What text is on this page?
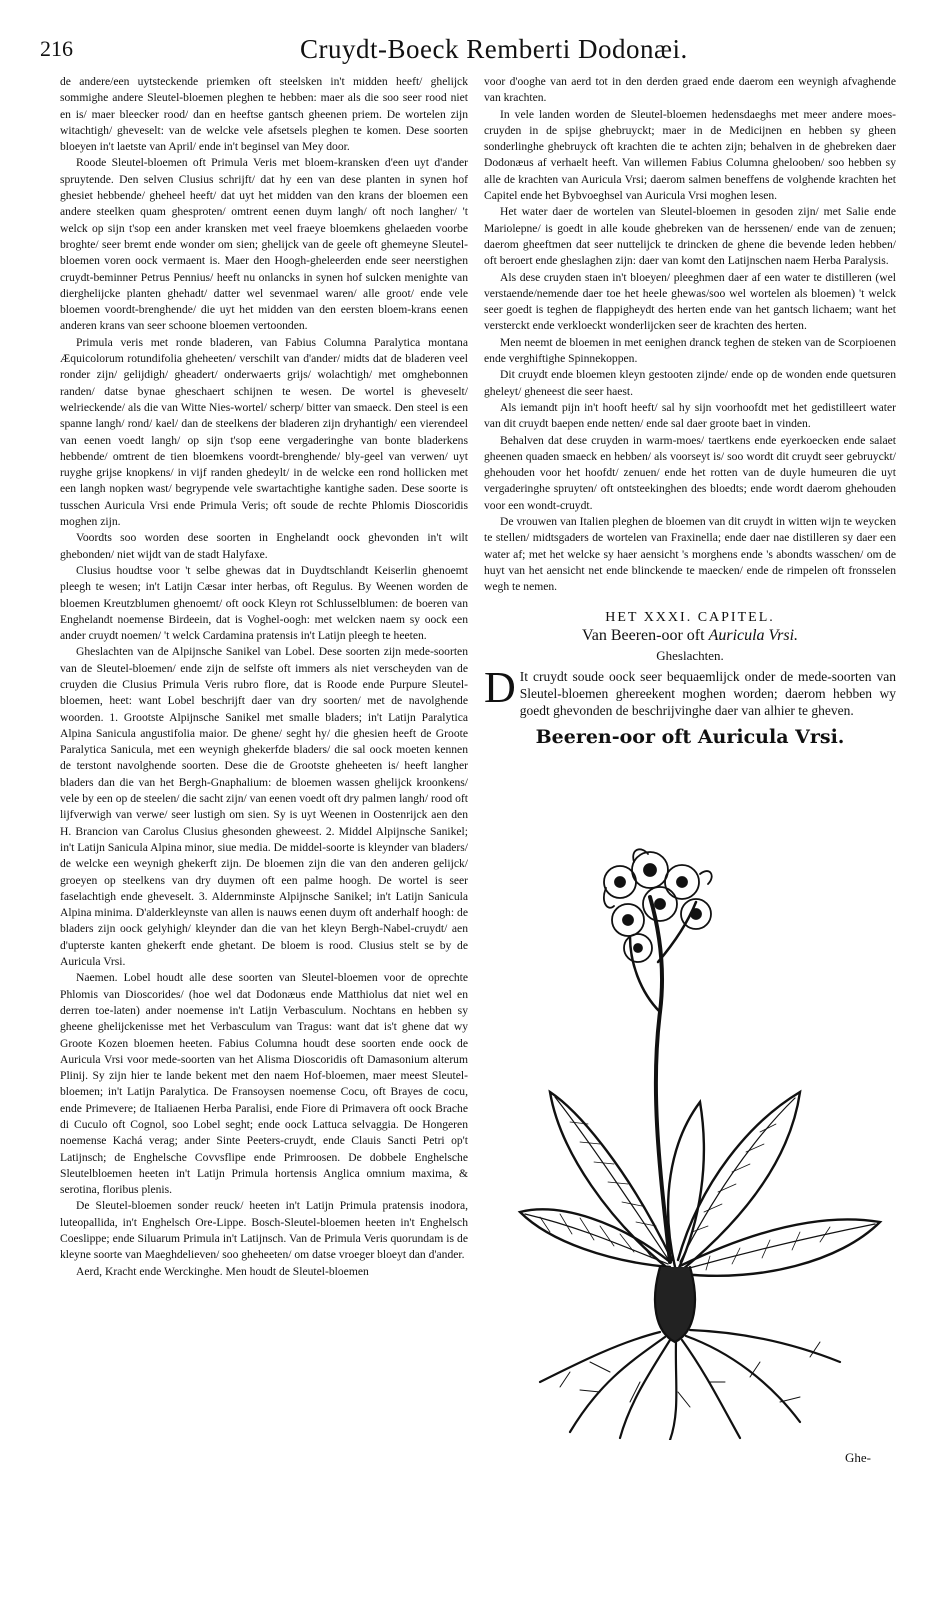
216	Cruydt-Boeck Remberti Dodonæi.

de andere/een uytsteckende priemken oft steelsken in't midden heeft/ ghelijck sommighe andere Sleutel-bloemen pleghen te hebben: maer als die soo seer rood niet en is/ maer bleecker rood/ dan en heeftse gantsch gheenen priem. De wortelen zijn witachtigh/ gheveselt: van de welcke vele afsetsels pleghen te komen. Dese soorten bloeyen in't laetste van April/ ende in't beginsel van Mey door.

Roode Sleutel-bloemen oft Primula Veris met bloem-kransken d'een uyt d'ander spruytende. Den selven Clusius schrijft/ dat hy een van dese planten in synen hof ghesiet hebbende/ gheheel heeft/ dat uyt het midden van den krans der bloemen een andere steelken quam ghesproten/ omtrent eenen duym langh/ oft noch langher/ 't welck op sijn t'sop een ander kransken met veel fraeye bloemkens ghelaeden voorbe broghte/ seer bremt ende wonder om sien; ghelijck van de geele oft ghemeyne Sleutel-bloemen voren oock vermaent is. Maer den Hoogh-gheleerden ende seer neerstighen cruydt-beminner Petrus Pennius/ heeft nu onlancks in synen hof sulcken menighte van dierghelijcke planten ghehadt/ datter wel sevenmael waren/ alle groot/ ende vele bloemen voordt-brenghende/ die uyt het midden van den eersten bloem-krans eenen anderen krans van seer schoone bloemen vertoonden.

Primula veris met ronde bladeren, van Fabius Columna Paralytica montana Æquicolorum rotundifolia gheheeten/ verschilt van d'ander/ midts dat de bladeren veel ronder zijn/ gelijdigh/ gheadert/ onderwaerts grijs/ wolachtigh/ met omghebonnen randen/ datse bynae gheschaert schijnen te wesen. De wortel is gheveselt/ welrieckende/ als die van Witte Nies-wortel/ scherp/ bitter van smaeck. Den steel is een spanne langh/ rond/ kael/ dan de steelkens der bladeren zijn dryhantigh/ een vierendeel van eenen voedt langh/ op sijn t'sop eene vergaderinghe van bonte bladerkens hebbende/ omtrent de tien bloemkens voordt-brenghende/ bly-geel van verwen/ uyt ruyghe grijse knopkens/ in vijf randen ghedeylt/ in de welcke een rond hollicken met een langh nopken wast/ begrypende vele swartachtighe kantighe saden. Dese soorte is tusschen Auricula Vrsi ende Primula Veris; oft soude de rechte Phlomis Dioscoridis moghen zijn.

Voordts soo worden dese soorten in Enghelandt oock ghevonden in't wilt ghebonden/ niet wijdt van de stadt Halyfaxe.

Clusius houdtse voor 't selbe ghewas dat in Duydtschlandt Keiserlin ghenoemt pleegh te wesen; in't Latijn Cæsar inter herbas, oft Regulus. By Weenen worden de bloemen Kreutzblumen ghenoemt/ oft oock Kleyn rot Schlusselblumen: de boeren van Enghelandt noemense Birdeein, dat is Voghel-oogh: met welcken naem sy oock een ander cruydt noemen/ 't welck Cardamina pratensis in't Latijn pleegh te heeten.

Gheslachten van de Alpijnsche Sanikel van Lobel. Dese soorten zijn mede-soorten van de Sleutel-bloemen/ ende zijn de selfste oft immers als niet verscheyden van de cruyden die Clusius Primula Veris rubro flore, dat is Roode ende Purpure Sleutel-bloemen, heet: want Lobel beschrijft daer van dry soorten/ met de navolghende woorden. 1. Grootste Alpijnsche Sanikel met smalle bladers; in't Latijn Paralytica Alpina Sanicula angustifolia maior. De ghene/ seght hy/ die ghesien heeft de Groote Paralytica Sanicula, met een weynigh ghekerfde bladers/ die sal oock moeten kennen de terstont navolghende soorten. Dese die de Grootste gheheeten is/ heeft langher bladers dan die van het Bergh-Gnaphalium: de bloemen wassen ghelijck kroonkens/ vele by een op de steelen/ die sacht zijn/ van eenen voedt oft dry palmen langh/ rood oft lijfverwigh van verwe/ seer lustigh om sien. Sy is uyt Weenen in Oostenrijck aen den H. Brancion van Carolus Clusius ghesonden gheweest. 2. Middel Alpijnsche Sanikel; in't Latijn Sanicula Alpina minor, siue media. De middel-soorte is kleynder van bladers/ de welcke een weynigh ghekerft zijn. De bloemen zijn die van den anderen gelijck/ groeyen op steelkens van dry duymen oft een palme hoogh. De wortel is seer faselachtigh ende gheveselt. 3. Aldernminste Alpijnsche Sanikel; in't Latijn Sanicula Alpina minima. D'alderkleynste van allen is nauws eenen duym oft anderhalf hoogh: de bladers zijn oock gelyhigh/ kleynder dan die van het kleyn Bergh-Nabel-cruydt/ aen d'upterste kanten ghekerft ende ghetant. De bloem is rood. Clusius stelt se by de Auricula Vrsi.

Naemen. Lobel houdt alle dese soorten van Sleutel-bloemen voor de oprechte Phlomis van Dioscorides/ (hoe wel dat Dodonæus ende Matthiolus dat niet wel en derren toe-laten) ander noemense in't Latijn Verbasculum. Nochtans en hebben sy gheene ghelijckenisse met het Verbasculum van Tragus: want dat is't ghene dat wy Groote Kozen bloemen heeten. Fabius Columna houdt dese soorten ende oock de Auricula Vrsi voor mede-soorten van het Alisma Dioscoridis oft Damasonium alterum Plinij. Sy zijn hier te lande bekent met den naem Hof-bloemen, maer meest Sleutel-bloemen; in't Latijn Paralytica. De Fransoysen noemense Cocu, oft Brayes de cocu, ende Primevere; de Italiaenen Herba Paralisi, ende Fiore di Primavera oft oock Brache di Cuculo oft Cognol, soo Lobel seght; ende oock Lattuca selvaggia. De Hongeren noemense Kachá verag; ander Sinte Peeters-cruydt, ende Clauis Sancti Petri op't Latijnsch; de Enghelsche Covvsflipe ende Primroosen. De dobbele Enghelsche Sleutelbloemen heeten in't Latijn Primula hortensis Anglica omnium maxima, & serotina, floribus plenis.

De Sleutel-bloemen sonder reuck/ heeten in't Latijn Primula pratensis inodora, luteopallida, in't Enghelsch Ore-Lippe. Bosch-Sleutel-bloemen heeten in't Enghelsch Coeslippe; ende Siluarum Primula in't Latijnsch. Van de Primula Veris quorundam is de kleyne soorte van Maeghdelieven/ soo gheheeten/ om datse vroeger bloeyt dan d'ander.

Aerd, Kracht ende Werckinghe. Men houdt de Sleutel-bloemen

voor d'ooghe van aerd tot in den derden graed ende daerom een weynigh afvaghende van krachten.

In vele landen worden de Sleutel-bloemen hedensdaeghs met meer andere moes-cruyden in de spijse ghebruyckt; maer in de Medicijnen en hebben sy gheen sonderlinghe ghebruyck oft krachten die te achten zijn; behalven in de ghebreken daer Dodonæus af verhaelt heeft. Van willemen Fabius Columna ghelooben/ soo hebben sy alle de krachten van Auricula Vrsi; daerom salmen beneffens de volghende krachten het Capitel ende het Bybvoeghsel van Auricula Vrsi moghen lesen.

Het water daer de wortelen van Sleutel-bloemen in gesoden zijn/ met Salie ende Mariolepne/ is goedt in alle koude ghebreken van de herssenen/ ende van de zenuen; daerom gheeftmen dat seer nuttelijck te drincken de ghene die bevende leden hebben/ oft beroert ende gheslaghen zijn: daer van komt den Latijnschen naem Herba Paralysis.

Als dese cruyden staen in't bloeyen/ pleeghmen daer af een water te distilleren (wel verstaende/nemende daer toe het heele ghewas/soo wel wortelen als bloemen) 't welck seer goedt is teghen de flappigheydt des herten ende van het gantsch lichaem; want het versterckt ende verkloeckt wonderlijcken seer de krachten des herten.

Men neemt de bloemen in met eenighen dranck teghen de steken van de Scorpioenen ende verghiftighe Spinnekoppen.

Dit cruydt ende bloemen kleyn gestooten zijnde/ ende op de wonden ende quetsuren gheleyt/ gheneest die seer haest.

Als iemandt pijn in't hooft heeft/ sal hy sijn voorhoofdt met het gedistilleert water van dit cruydt baepen ende netten/ ende sal daer groote baet in vinden.

Behalven dat dese cruyden in warm-moes/ taertkens ende eyerkoecken ende salaet gheenen quaden smaeck en hebben/ als voorseyt is/ soo wordt dit cruydt seer gebruyckt/ ghehouden voor het hoofdt/ zenuen/ ende het rotten van de duyle humeuren die uyt vergaderinghe spruyten/ oft ontsteekinghen des bloedts; ende wordt daerom ghehouden voor een wondt-cruydt.

De vrouwen van Italien pleghen de bloemen van dit cruydt in witten wijn te weycken te stellen/ midtsgaders de wortelen van Fraxinella; ende daer nae distilleren sy daer een water af; met het welcke sy haer aensicht 's morghens ende 's abondts wasschen/ om de huyt van het aensicht net ende blinckende te maecken/ ende de rimpelen oft fronsselen wegh te nemen.

HET XXXI. CAPITEL.
Van Beeren-oor oft Auricula Vrsi.
Gheslachten.

D It cruydt soude oock seer bequaemlijck onder de mede-soorten van Sleutel-bloemen ghereekent moghen worden; daerom hebben wy goedt ghevonden de beschrijvinghe daer van alhier te gheven.

Beeren-oor oft Auricula Vrsi.
Ghe-
